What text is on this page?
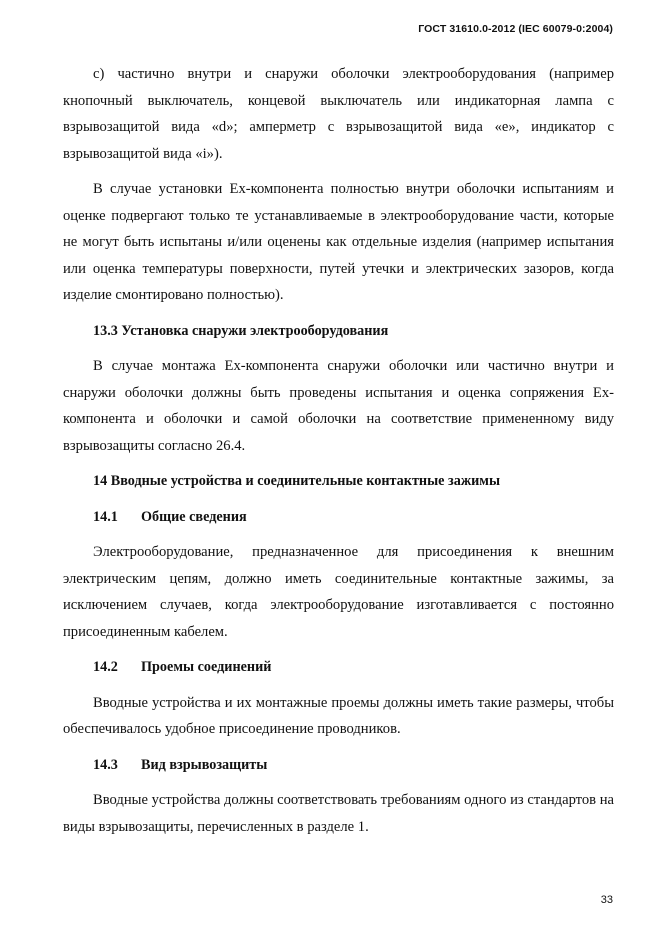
ГОСТ 31610.0-2012 (IEC 60079-0:2004)

с) частично внутри и снаружи оболочки электрооборудования (например кнопочный выключатель, концевой выключатель или индикаторная лампа с взрывозащитой вида «d»; амперметр с взрывозащитой вида «е», индикатор с взрывозащитой вида «i»).

В случае установки Ex-компонента полностью внутри оболочки испытаниям и оценке подвергают только те устанавливаемые в электрооборудование части, которые не могут быть испытаны и/или оценены как отдельные изделия (например испытания или оценка температуры поверхности, путей утечки и электрических зазоров, когда изделие смонтировано полностью).

13.3 Установка снаружи электрооборудования

В случае монтажа Ex-компонента снаружи оболочки или частично внутри и снаружи оболочки должны быть проведены испытания и оценка сопряжения Ex-компонента и оболочки и самой оболочки на соответствие примененному виду взрывозащиты согласно 26.4.

14 Вводные устройства и соединительные контактные зажимы
14.1 Общие сведения

Электрооборудование, предназначенное для присоединения к внешним электрическим цепям, должно иметь соединительные контактные зажимы, за исключением случаев, когда электрооборудование изготавливается с постоянно присоединенным кабелем.

14.2 Проемы соединений

Вводные устройства и их монтажные проемы должны иметь такие размеры, чтобы обеспечивалось удобное присоединение проводников.

14.3 Вид взрывозащиты

Вводные устройства должны соответствовать требованиям одного из стандартов на виды взрывозащиты, перечисленных в разделе 1.

33
